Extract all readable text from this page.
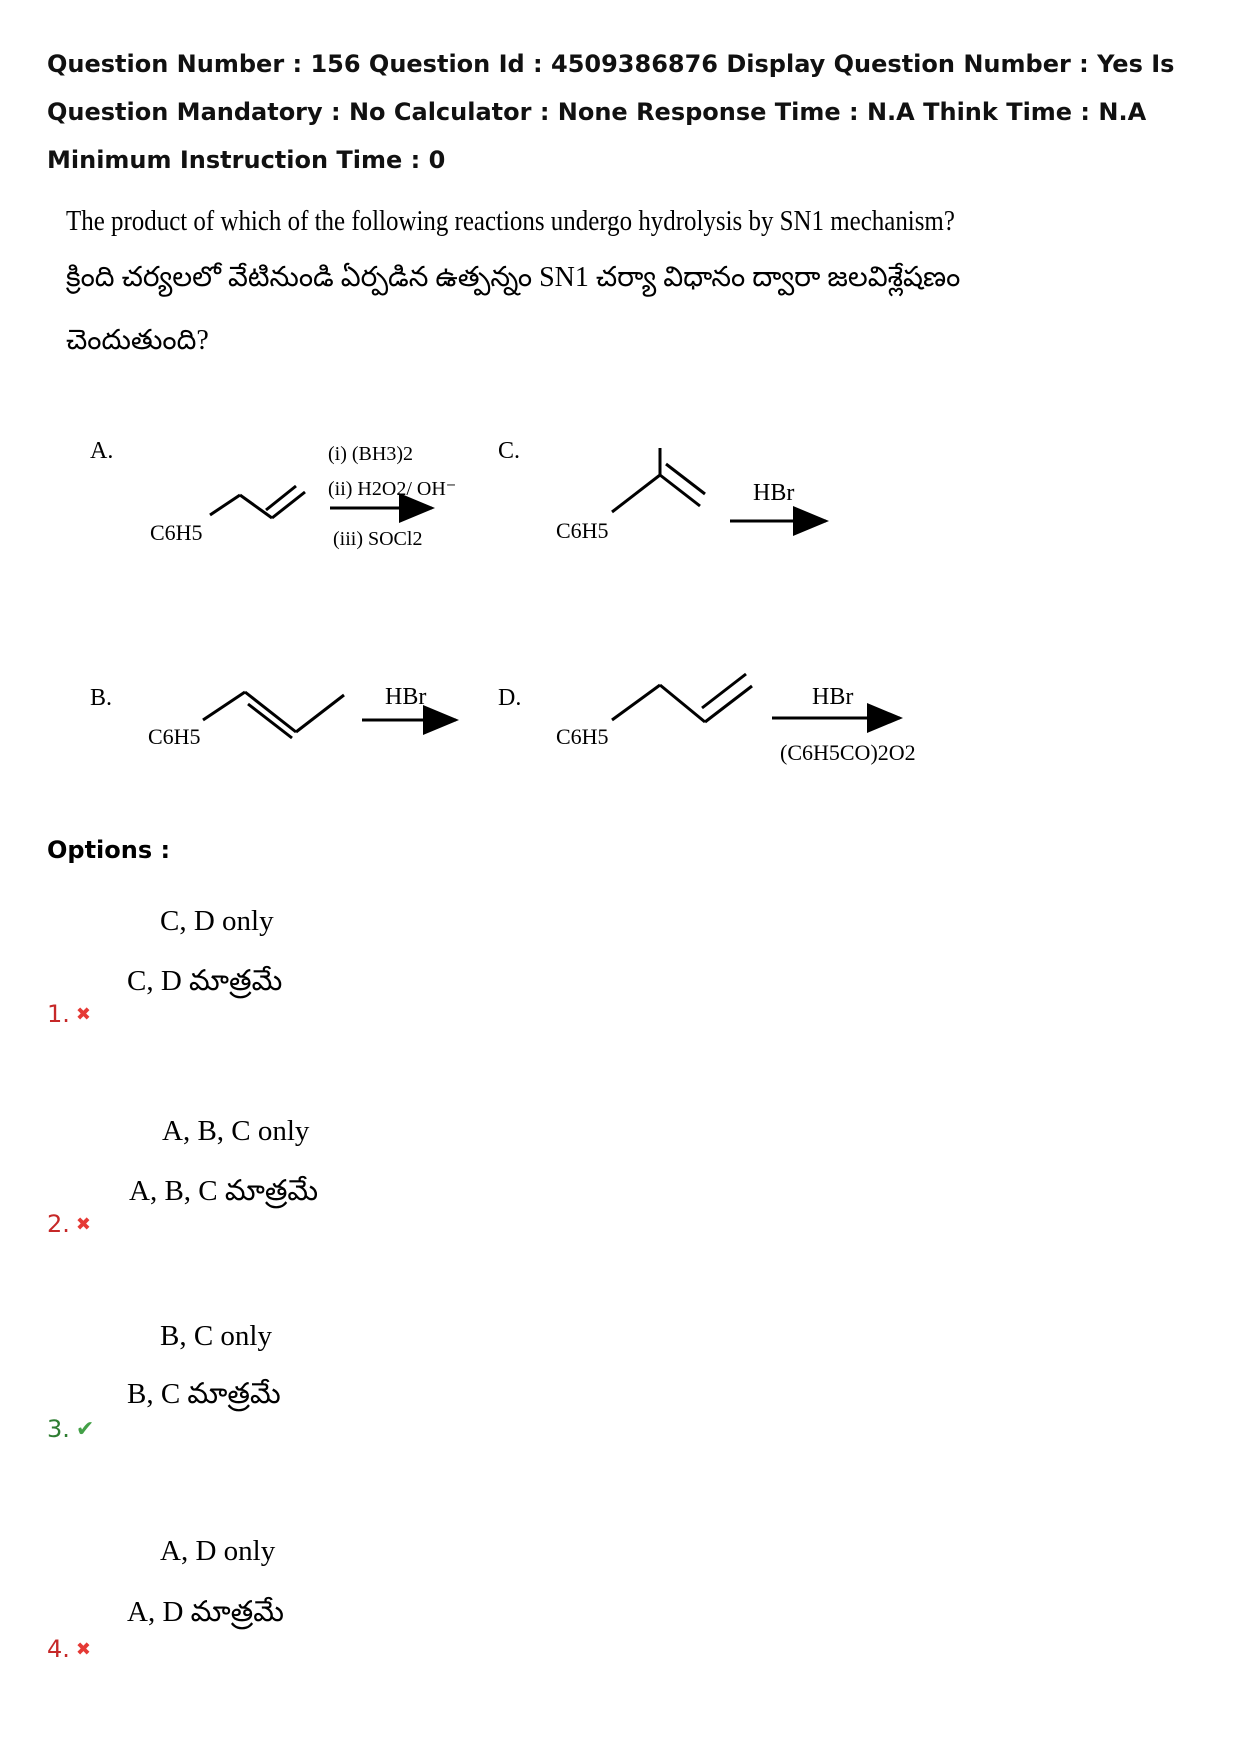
Question Number : 156 Question Id : 4509386876 Display Question Number : Yes Is Question Mandatory : No Calculator : None Response Time : N.A Think Time : N.A Minimum Instruction Time : 0
The product of which of the following reactions undergo hydrolysis by SN1 mechanism?
క్రింది చర్యలలో వేటినుండి ఏర్పడిన ఉత్పన్నం SN1 చర్యా విధానం ద్వారా జలవిశ్లేషణం
చెందుతుంది?
A.
C6H5
(i) (BH3)2
(ii) H2O2/ OH⁻
(iii) SOCl2
C.
C6H5
HBr
B.
C6H5
HBr	D.
C6H5
HBr
(C6H5CO)2O2
Options :
C, D only
C, D మాత్రమే
1. ✖
A, B, C only
A, B, C మాత్రమే
2. ✖
B, C only
B, C మాత్రమే
3. ✔
A, D only
A, D మాత్రమే
4. ✖
